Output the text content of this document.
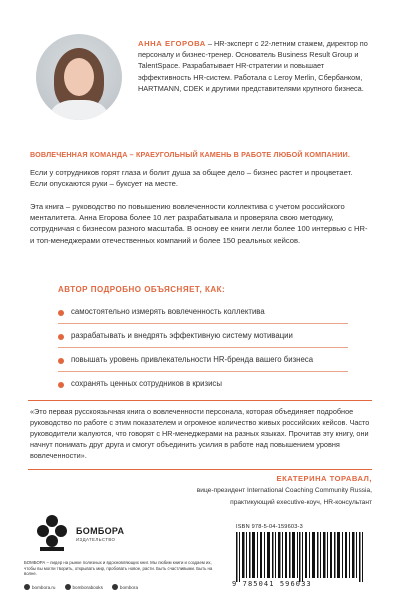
АННА ЕГОРОВА – HR-эксперт с 22-летним стажем, директор по персоналу и бизнес-тренер. Основатель Business Result Group и TalentSpace. Разрабатывает HR-стратегии и повышает эффективность HR-систем. Работала с Leroy Merlin, Сбербанком, HARTMANN, CDEK и другими представителями крупного бизнеса.
ВОВЛЕЧЕННАЯ КОМАНДА – КРАЕУГОЛЬНЫЙ КАМЕНЬ В РАБОТЕ ЛЮБОЙ КОМПАНИИ.
Если у сотрудников горят глаза и болит душа за общее дело – бизнес растет и процветает. Если опускаются руки – буксует на месте.
Эта книга – руководство по повышению вовлеченности коллектива с учетом российского менталитета. Анна Егорова более 10 лет разрабатывала и проверяла свою методику, сотрудничая с бизнесом разного масштаба. В основу ее книги легли более 100 интервью с HR- и топ-менеджерами отечественных компаний и более 150 реальных кейсов.
АВТОР ПОДРОБНО ОБЪЯСНЯЕТ, КАК:
самостоятельно измерять вовлеченность коллектива
разрабатывать и внедрять эффективную систему мотивации
повышать уровень привлекательности HR-бренда вашего бизнеса
сохранять ценных сотрудников в кризисы
«Это первая русскоязычная книга о вовлеченности персонала, которая объединяет подробное руководство по работе с этим показателем и огромное количество живых российских кейсов. Часто руководители жалуются, что говорят с HR-менеджерами на разных языках. Прочитав эту книгу, они начнут понимать друг друга и смогут объединить усилия в работе над повышением уровня вовлеченности».
ЕКАТЕРИНА ТОРАВАЛ,
вице-президент International Coaching Community Russia,
практикующий executive-коуч, HR-консультант
БОМБОРА
ИЗДАТЕЛЬСТВО
БОМБОРА – лидер на рынке полезных и вдохновляющих книг. Мы любим книги и создаем их, чтобы вы могли творить, открывать мир, пробовать новое, расти. Быть счастливыми. Быть на волне.
bombora.ru	bomborabooks	bombora
ISBN 978-5-04-159603-3
9 785041 596033
